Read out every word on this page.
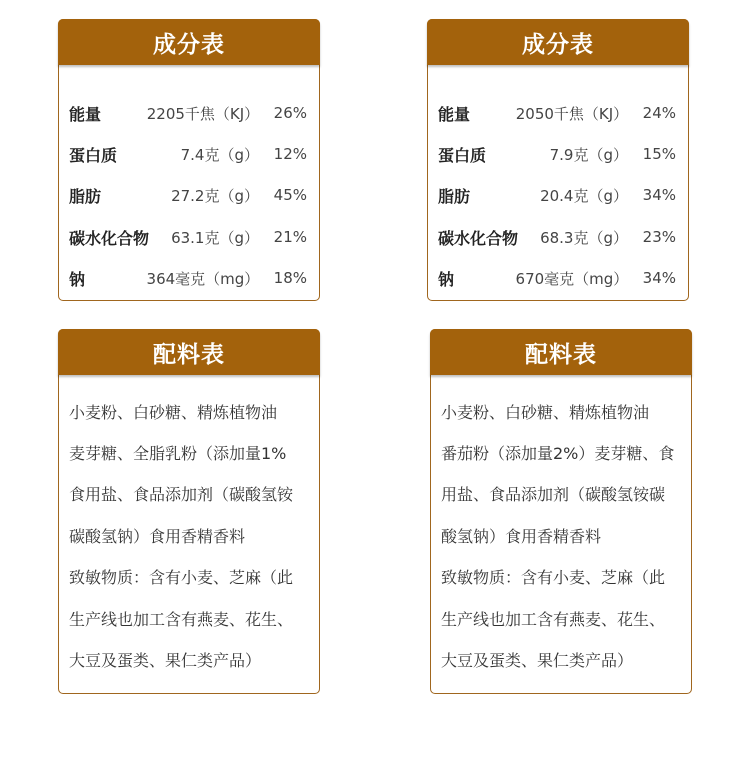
成分表
能量	2205千焦（KJ） 26%
蛋白质	7.4克（g） 12%
脂肪	27.2克（g） 45%
碳水化合物	63.1克（g） 21%
钠	364毫克（mg） 18%
成分表
能量	2050千焦（KJ） 24%
蛋白质	7.9克（g） 15%
脂肪	20.4克（g） 34%
碳水化合物	68.3克（g） 23%
钠	670毫克（mg） 34%
配料表
小麦粉、白砂糖、精炼植物油
麦芽糖、全脂乳粉（添加量1%
食用盐、食品添加剂（碳酸氢铵
碳酸氢钠）食用香精香料
致敏物质：含有小麦、芝麻（此
生产线也加工含有燕麦、花生、
大豆及蛋类、果仁类产品）
配料表
小麦粉、白砂糖、精炼植物油
番茄粉（添加量2%）麦芽糖、食
用盐、食品添加剂（碳酸氢铵碳
酸氢钠）食用香精香料
致敏物质：含有小麦、芝麻（此
生产线也加工含有燕麦、花生、
大豆及蛋类、果仁类产品）
